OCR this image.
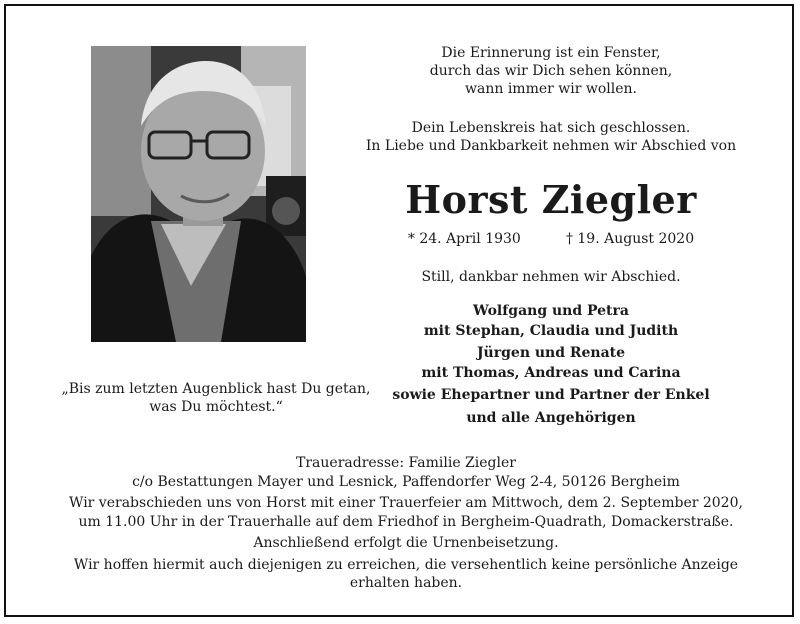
Die Erinnerung ist ein Fenster,
durch das wir Dich sehen können,
wann immer wir wollen.
Dein Lebenskreis hat sich geschlossen.
In Liebe und Dankbarkeit nehmen wir Abschied von
Horst Ziegler
* 24. April 1930	† 19. August 2020
Still, dankbar nehmen wir Abschied.
Wolfgang und Petra
mit Stephan, Claudia und Judith
Jürgen und Renate
mit Thomas, Andreas und Carina
sowie Ehepartner und Partner der Enkel
und alle Angehörigen
„Bis zum letzten Augenblick hast Du getan,
was Du möchtest.“
Traueradresse: Familie Ziegler
c/o Bestattungen Mayer und Lesnick, Paffendorfer Weg 2-4, 50126 Bergheim
Wir verabschieden uns von Horst mit einer Trauerfeier am Mittwoch, dem 2. September 2020,
um 11.00 Uhr in der Trauerhalle auf dem Friedhof in Bergheim-Quadrath, Domackerstraße.
Anschließend erfolgt die Urnenbeisetzung.
Wir hoffen hiermit auch diejenigen zu erreichen, die versehentlich keine persönliche Anzeige
erhalten haben.
